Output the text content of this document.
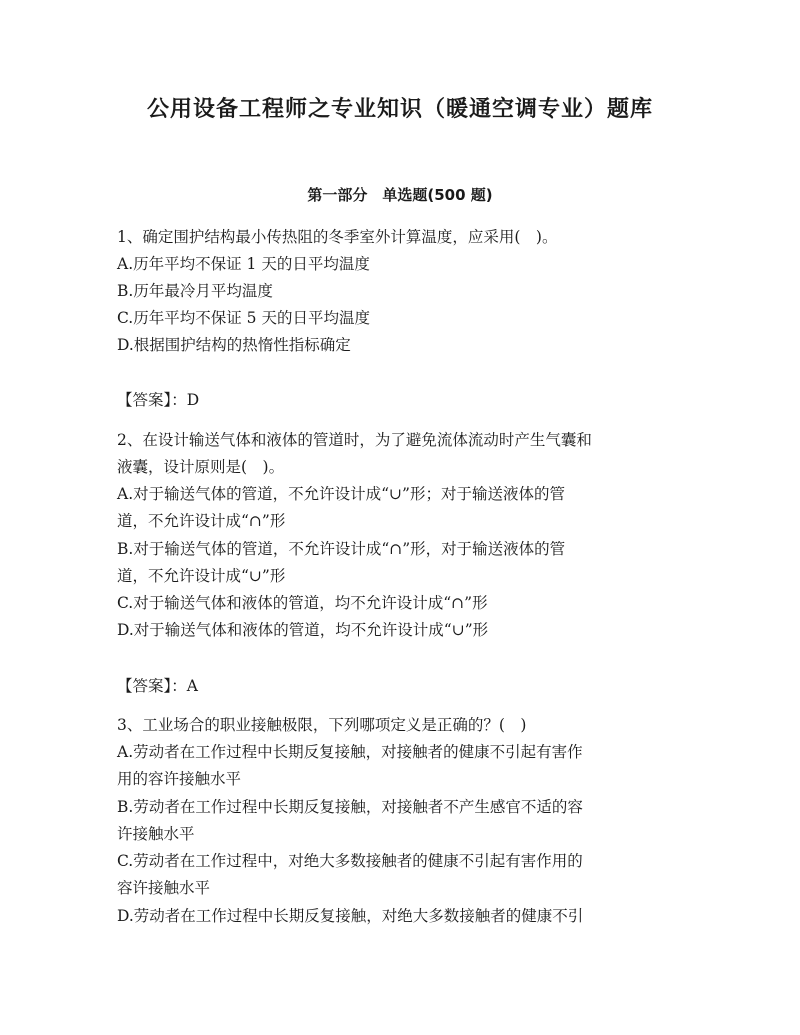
公用设备工程师之专业知识（暖通空调专业）题库
第一部分　单选题(500 题)
1、确定围护结构最小传热阻的冬季室外计算温度，应采用(　)。
A.历年平均不保证 1 天的日平均温度
B.历年最冷月平均温度
C.历年平均不保证 5 天的日平均温度
D.根据围护结构的热惰性指标确定
【答案】：D
2、在设计输送气体和液体的管道时，为了避免流体流动时产生气囊和
液囊，设计原则是(　)。
A.对于输送气体的管道，不允许设计成“∪”形；对于输送液体的管
道，不允许设计成“∩”形
B.对于输送气体的管道，不允许设计成“∩”形，对于输送液体的管
道，不允许设计成“∪”形
C.对于输送气体和液体的管道，均不允许设计成“∩”形
D.对于输送气体和液体的管道，均不允许设计成“∪”形
【答案】：A
3、工业场合的职业接触极限，下列哪项定义是正确的？(　)
A.劳动者在工作过程中长期反复接触，对接触者的健康不引起有害作
用的容许接触水平
B.劳动者在工作过程中长期反复接触，对接触者不产生感官不适的容
许接触水平
C.劳动者在工作过程中，对绝大多数接触者的健康不引起有害作用的
容许接触水平
D.劳动者在工作过程中长期反复接触，对绝大多数接触者的健康不引
